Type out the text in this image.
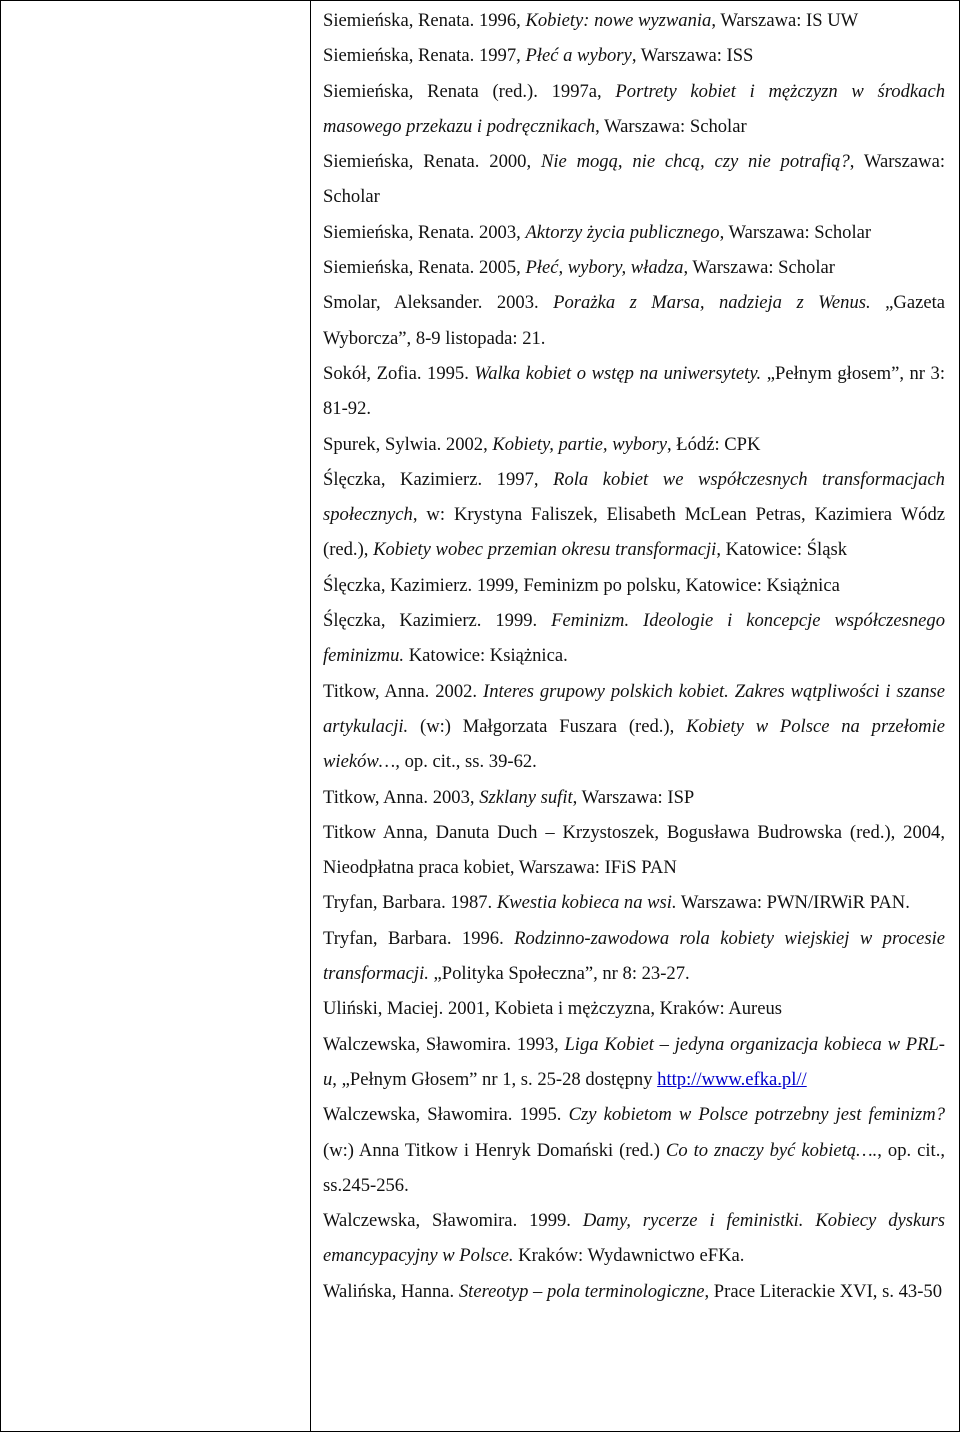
Siemieńska, Renata. 1996, Kobiety: nowe wyzwania, Warszawa: IS UW

Siemieńska, Renata. 1997, Płeć a wybory, Warszawa: ISS

Siemieńska, Renata (red.). 1997a, Portrety kobiet i mężczyzn w środkach masowego przekazu i podręcznikach, Warszawa: Scholar

Siemieńska, Renata. 2000, Nie mogą, nie chcą, czy nie potrafią?, Warszawa: Scholar

Siemieńska, Renata. 2003, Aktorzy życia publicznego, Warszawa: Scholar

Siemieńska, Renata. 2005, Płeć, wybory, władza, Warszawa: Scholar

Smolar, Aleksander. 2003. Porażka z Marsa, nadzieja z Wenus. „Gazeta Wyborcza”, 8-9 listopada: 21.

Sokół, Zofia. 1995. Walka kobiet o wstęp na uniwersytety. „Pełnym głosem”, nr 3: 81-92.

Spurek, Sylwia. 2002, Kobiety, partie, wybory, Łódź: CPK

Ślęczka, Kazimierz. 1997, Rola kobiet we współczesnych transformacjach społecznych, w: Krystyna Faliszek, Elisabeth McLean Petras, Kazimiera Wódz (red.), Kobiety wobec przemian okresu transformacji, Katowice: Śląsk

Ślęczka, Kazimierz. 1999, Feminizm po polsku, Katowice: Książnica

Ślęczka, Kazimierz. 1999. Feminizm. Ideologie i koncepcje współczesnego feminizmu. Katowice: Książnica.

Titkow, Anna. 2002. Interes grupowy polskich kobiet. Zakres wątpliwości i szanse artykulacji. (w:) Małgorzata Fuszara (red.), Kobiety w Polsce na przełomie wieków…, op. cit., ss. 39-62.

Titkow, Anna. 2003, Szklany sufit, Warszawa: ISP

Titkow Anna, Danuta Duch – Krzystoszek, Bogusława Budrowska (red.), 2004, Nieodpłatna praca kobiet, Warszawa: IFiS PAN

Tryfan, Barbara. 1987. Kwestia kobieca na wsi. Warszawa: PWN/IRWiR PAN.

Tryfan, Barbara. 1996. Rodzinno-zawodowa rola kobiety wiejskiej w procesie transformacji. „Polityka Społeczna”, nr 8: 23-27.

Uliński, Maciej. 2001, Kobieta i mężczyzna, Kraków: Aureus

Walczewska, Sławomira. 1993, Liga Kobiet – jedyna organizacja kobieca w PRL-u, „Pełnym Głosem” nr 1, s. 25-28 dostępny http://www.efka.pl//

Walczewska, Sławomira. 1995. Czy kobietom w Polsce potrzebny jest feminizm? (w:) Anna Titkow i Henryk Domański (red.) Co to znaczy być kobietą…., op. cit., ss.245-256.

Walczewska, Sławomira. 1999. Damy, rycerze i feministki. Kobiecy dyskurs emancypacyjny w Polsce. Kraków: Wydawnictwo eFKa.

Walińska, Hanna. Stereotyp – pola terminologiczne, Prace Literackie XVI, s. 43-50
